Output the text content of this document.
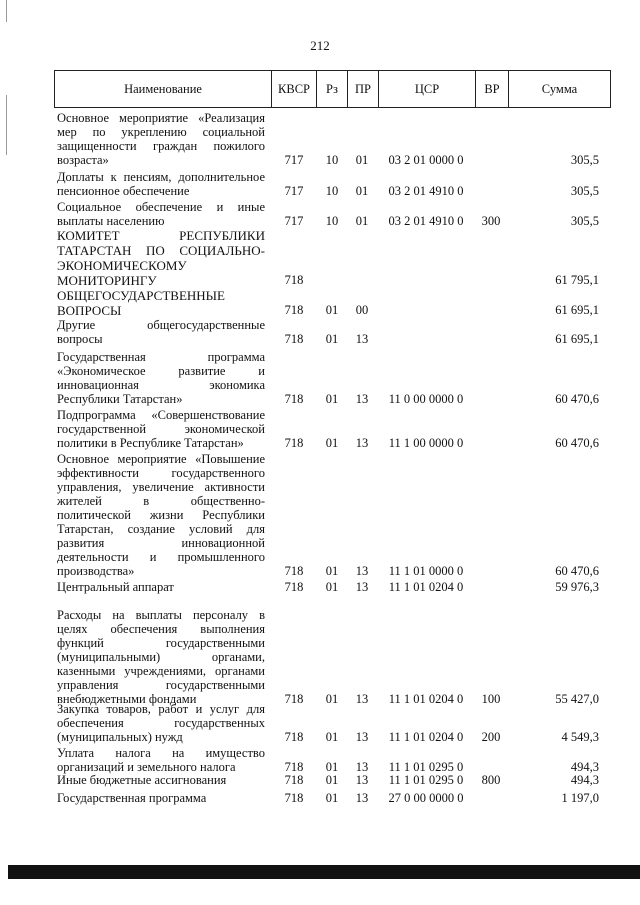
212
Наименование	КВСР	Рз	ПР	ЦСР	ВР	Сумма
Основное мероприятие «Реализация
мер по укреплению социальной
защищенности граждан пожилого
возраста»	717	10	01	03 2 01 0000 0	305,5
Доплаты к пенсиям, дополнительное
пенсионное обеспечение	717	10	01	03 2 01 4910 0	305,5
Социальное обеспечение и иные
выплаты населению	717	10	01	03 2 01 4910 0	300	305,5
КОМИТЕТ РЕСПУБЛИКИ
ТАТАРСТАН ПО СОЦИАЛЬНО-
ЭКОНОМИЧЕСКОМУ
МОНИТОРИНГУ	718	61 795,1
ОБЩЕГОСУДАРСТВЕННЫЕ
ВОПРОСЫ	718	01	00	61 695,1
Другие общегосударственные
вопросы	718	01	13	61 695,1
Государственная программа
«Экономическое развитие и
инновационная экономика
Республики Татарстан»	718	01	13	11 0 00 0000 0	60 470,6
Подпрограмма «Совершенствование
государственной экономической
политики в Республике Татарстан»	718	01	13	11 1 00 0000 0	60 470,6
Основное мероприятие «Повышение
эффективности государственного
управления, увеличение активности
жителей в общественно-
политической жизни Республики
Татарстан, создание условий для
развития инновационной
деятельности и промышленного
производства»	718	01	13	11 1 01 0000 0	60 470,6
Центральный аппарат	718	01	13	11 1 01 0204 0	59 976,3
Расходы на выплаты персоналу в
целях обеспечения выполнения
функций государственными
(муниципальными) органами,
казенными учреждениями, органами
управления государственными
внебюджетными фондами	718	01	13	11 1 01 0204 0	100	55 427,0
Закупка товаров, работ и услуг для
обеспечения государственных
(муниципальных) нужд	718	01	13	11 1 01 0204 0	200	4 549,3
Уплата налога на имущество
организаций и земельного налога	718	01	13	11 1 01 0295 0	494,3
Иные бюджетные ассигнования	718	01	13	11 1 01 0295 0	800	494,3
Государственная программа	718	01	13	27 0 00 0000 0	1 197,0
